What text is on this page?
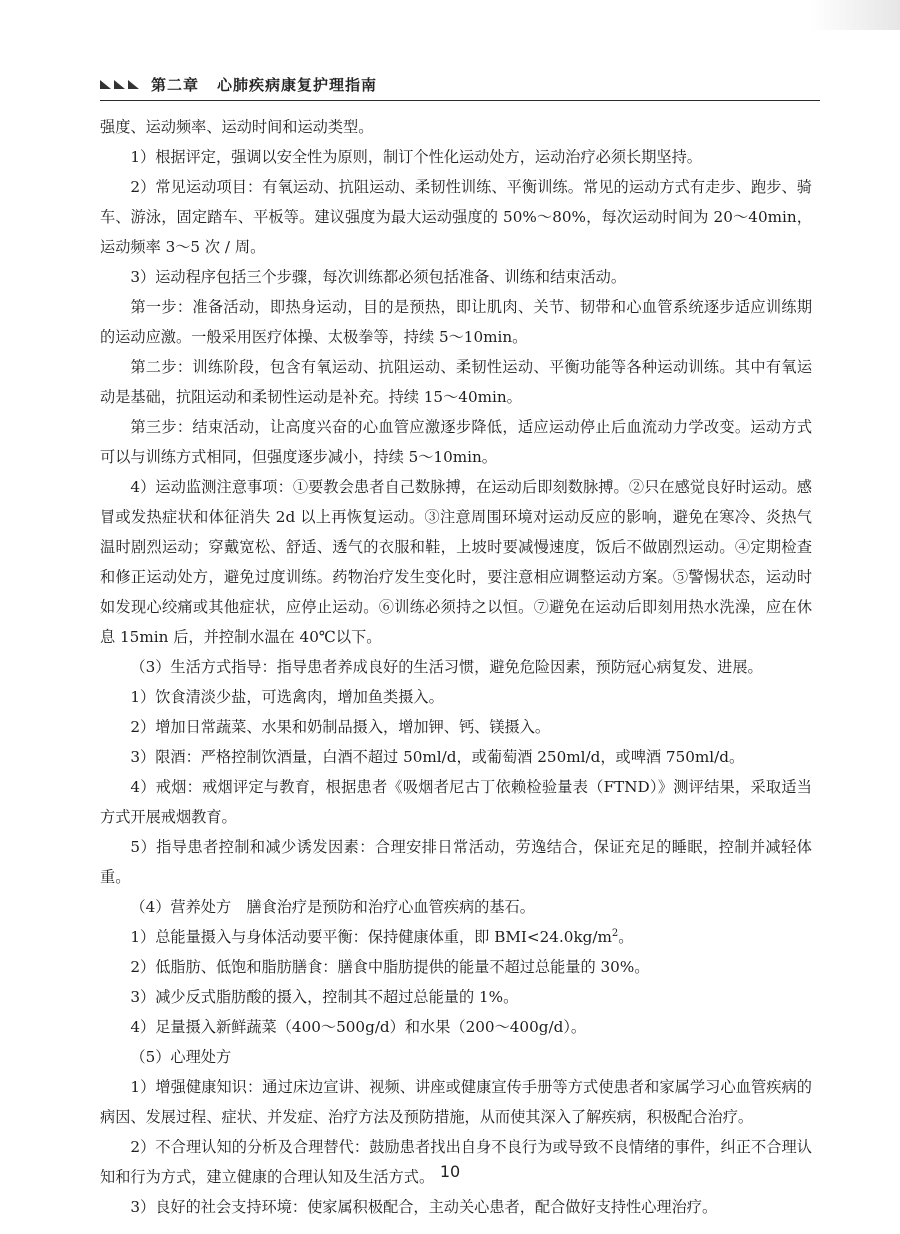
第二章 心肺疾病康复护理指南

强度、运动频率、运动时间和运动类型。

1）根据评定，强调以安全性为原则，制订个性化运动处方，运动治疗必须长期坚持。

2）常见运动项目：有氧运动、抗阻运动、柔韧性训练、平衡训练。常见的运动方式有走步、跑步、骑车、游泳，固定踏车、平板等。建议强度为最大运动强度的 50%～80%，每次运动时间为 20～40min，运动频率 3～5 次 / 周。

3）运动程序包括三个步骤，每次训练都必须包括准备、训练和结束活动。

第一步：准备活动，即热身运动，目的是预热，即让肌肉、关节、韧带和心血管系统逐步适应训练期的运动应激。一般采用医疗体操、太极拳等，持续 5～10min。

第二步：训练阶段，包含有氧运动、抗阻运动、柔韧性运动、平衡功能等各种运动训练。其中有氧运动是基础，抗阻运动和柔韧性运动是补充。持续 15～40min。

第三步：结束活动，让高度兴奋的心血管应激逐步降低，适应运动停止后血流动力学改变。运动方式可以与训练方式相同，但强度逐步减小，持续 5～10min。

4）运动监测注意事项：①要教会患者自己数脉搏，在运动后即刻数脉搏。②只在感觉良好时运动。感冒或发热症状和体征消失 2d 以上再恢复运动。③注意周围环境对运动反应的影响，避免在寒冷、炎热气温时剧烈运动；穿戴宽松、舒适、透气的衣服和鞋，上坡时要减慢速度，饭后不做剧烈运动。④定期检查和修正运动处方，避免过度训练。药物治疗发生变化时，要注意相应调整运动方案。⑤警惕状态，运动时如发现心绞痛或其他症状，应停止运动。⑥训练必须持之以恒。⑦避免在运动后即刻用热水洗澡，应在休息 15min 后，并控制水温在 40℃以下。

（3）生活方式指导：指导患者养成良好的生活习惯，避免危险因素，预防冠心病复发、进展。

1）饮食清淡少盐，可选禽肉，增加鱼类摄入。

2）增加日常蔬菜、水果和奶制品摄入，增加钾、钙、镁摄入。

3）限酒：严格控制饮酒量，白酒不超过 50ml/d，或葡萄酒 250ml/d，或啤酒 750ml/d。

4）戒烟：戒烟评定与教育，根据患者《吸烟者尼古丁依赖检验量表（FTND）》测评结果，采取适当方式开展戒烟教育。

5）指导患者控制和减少诱发因素：合理安排日常活动，劳逸结合，保证充足的睡眠，控制并减轻体重。

（4）营养处方　膳食治疗是预防和治疗心血管疾病的基石。

1）总能量摄入与身体活动要平衡：保持健康体重，即 $BMI<24.0kg/m^2$。

2）低脂肪、低饱和脂肪膳食：膳食中脂肪提供的能量不超过总能量的 30%。

3）减少反式脂肪酸的摄入，控制其不超过总能量的 1%。

4）足量摄入新鲜蔬菜（400～500g/d）和水果（200～400g/d）。

（5）心理处方

1）增强健康知识：通过床边宣讲、视频、讲座或健康宣传手册等方式使患者和家属学习心血管疾病的病因、发展过程、症状、并发症、治疗方法及预防措施，从而使其深入了解疾病，积极配合治疗。

2）不合理认知的分析及合理替代：鼓励患者找出自身不良行为或导致不良情绪的事件，纠正不合理认知和行为方式，建立健康的合理认知及生活方式。

3）良好的社会支持环境：使家属积极配合，主动关心患者，配合做好支持性心理治疗。

10
